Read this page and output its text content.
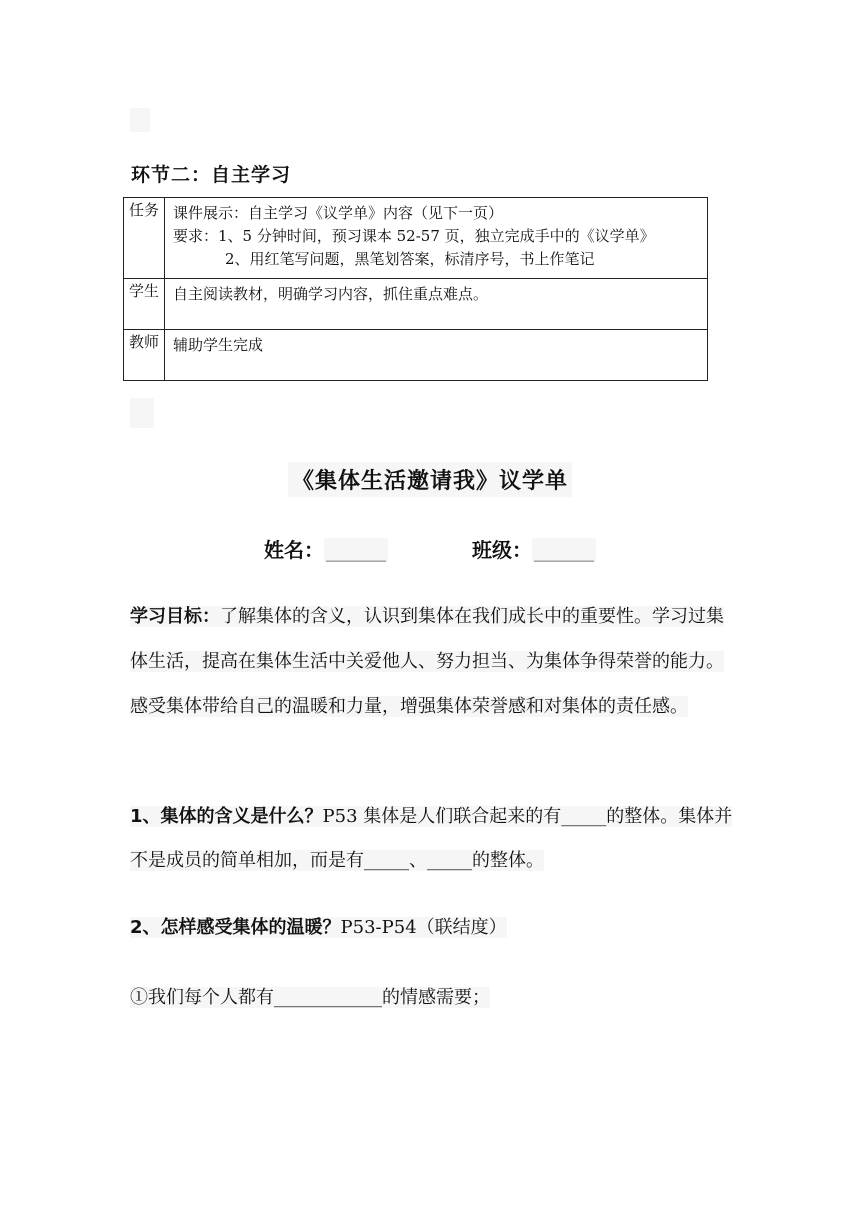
环节二：自主学习
任务	课件展示：自主学习《议学单》内容（见下一页）
要求：1、5 分钟时间，预习课本 52-57 页，独立完成手中的《议学单》
2、用红笔写问题，黑笔划答案，标清序号，书上作笔记

学生	自主阅读教材，明确学习内容，抓住重点难点。
教师	辅助学生完成
《集体生活邀请我》议学单
姓名： ______	班级： ______
学习目标：了解集体的含义，认识到集体在我们成长中的重要性。学习过集体生活，提高在集体生活中关爱他人、努力担当、为集体争得荣誉的能力。感受集体带给自己的温暖和力量，增强集体荣誉感和对集体的责任感。
1、集体的含义是什么？P53 集体是人们联合起来的有_____的整体。集体并不是成员的简单相加，而是有_____、_____的整体。
2、怎样感受集体的温暖？P53-P54（联结度）
①我们每个人都有____________的情感需要；
